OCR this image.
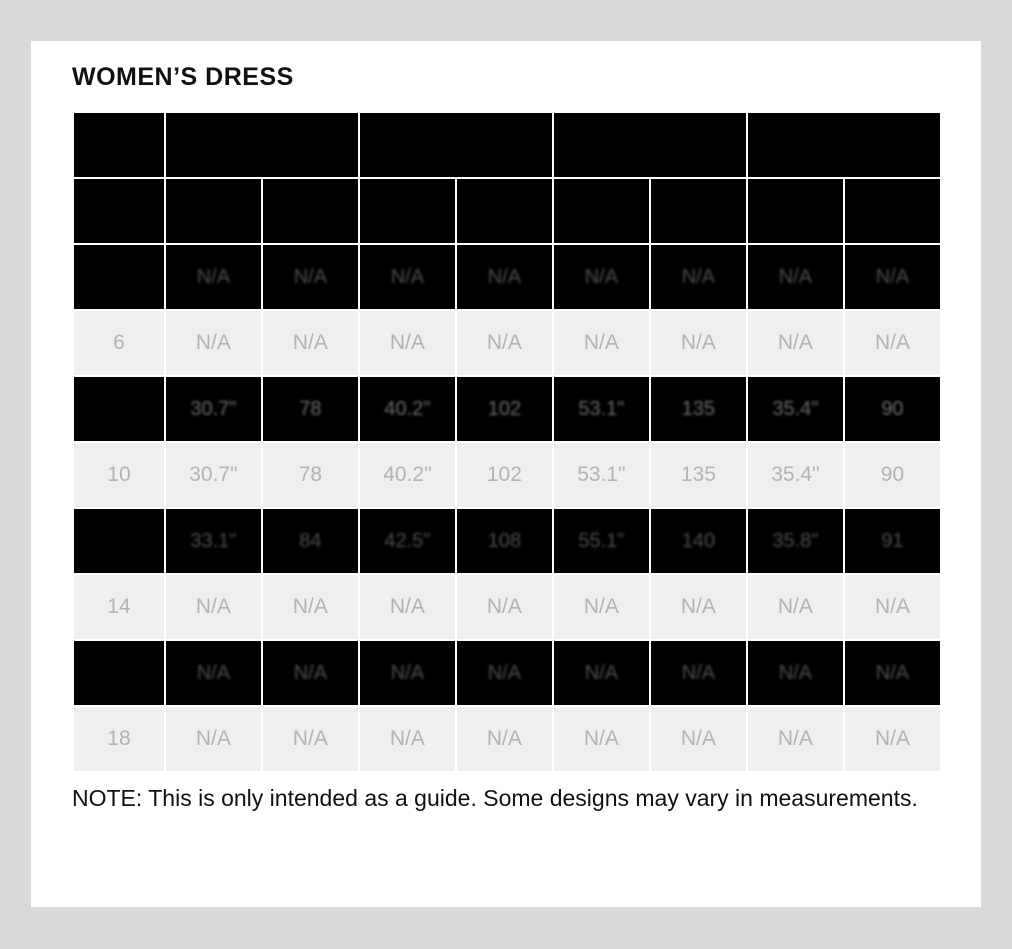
WOMEN’S DRESS

	N/A	N/A	N/A	N/A	N/A	N/A	N/A	N/A
6	N/A	N/A	N/A	N/A	N/A	N/A	N/A	N/A
	30.7"	78	40.2"	102	53.1"	135	35.4"	90
10	30.7"	78	40.2"	102	53.1"	135	35.4"	90
	33.1"	84	42.5"	108	55.1"	140	35.8"	91
14	N/A	N/A	N/A	N/A	N/A	N/A	N/A	N/A
	N/A	N/A	N/A	N/A	N/A	N/A	N/A	N/A
18	N/A	N/A	N/A	N/A	N/A	N/A	N/A	N/A
NOTE: This is only intended as a guide. Some designs may vary in measurements.
